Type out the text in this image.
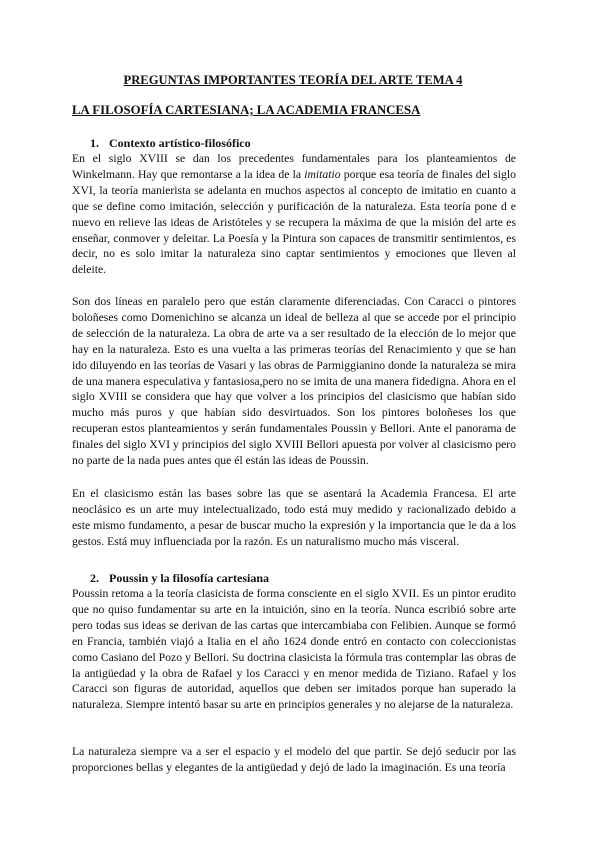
PREGUNTAS IMPORTANTES TEORÍA DEL ARTE TEMA 4
LA FILOSOFÍA CARTESIANA; LA ACADEMIA FRANCESA
1. Contexto artístico-filosófico

En el siglo XVIII se dan los precedentes fundamentales para los planteamientos de Winkelmann. Hay que remontarse a la idea de la imitatio porque esa teoría de finales del siglo XVI, la teoría manierista se adelanta en muchos aspectos al concepto de imitatio en cuanto a que se define como imitación, selección y purificación de la naturaleza. Esta teoría pone d e nuevo en relieve las ideas de Aristóteles y se recupera la máxima de que la misión del arte es enseñar, conmover y deleitar. La Poesía y la Pintura son capaces de transmitir sentimientos, es decir, no es solo imitar la naturaleza sino captar sentimientos y emociones que lleven al deleite.

Son dos líneas en paralelo pero que están claramente diferenciadas. Con Caracci o pintores boloñeses como Domenichino se alcanza un ideal de belleza al que se accede por el principio de selección de la naturaleza. La obra de arte va a ser resultado de la elección de lo mejor que hay en la naturaleza. Esto es una vuelta a las primeras teorías del Renacimiento y que se han ido diluyendo en las teorías de Vasari y las obras de Parmiggianino donde la naturaleza se mira de una manera especulativa y fantasiosa,pero no se imita de una manera fidedigna. Ahora en el siglo XVIII se considera que hay que volver a los principios del clasicismo que habían sido mucho más puros y que habían sido desvirtuados. Son los pintores boloñeses los que recuperan estos planteamientos y serán fundamentales Poussin y Bellori. Ante el panorama de finales del siglo XVI y principios del siglo XVIII Bellori apuesta por volver al clasicismo pero no parte de la nada pues antes que él están las ideas de Poussin.

En el clasicismo están las bases sobre las que se asentará la Academia Francesa. El arte neoclásico es un arte muy intelectualizado, todo está muy medido y racionalizado debido a este mismo fundamento, a pesar de buscar mucho la expresión y la importancia que le da a los gestos. Está muy influenciada por la razón. Es un naturalismo mucho más visceral.

2. Poussin y la filosofía cartesiana

Poussin retoma a la teoría clasicista de forma consciente en el siglo XVII. Es un pintor erudito que no quiso fundamentar su arte en la intuición, sino en la teoría. Nunca escribió sobre arte pero todas sus ideas se derivan de las cartas que intercambiaba con Felibien. Aunque se formó en Francia, también viajó a Italia en el año 1624 donde entró en contacto con coleccionistas como Casiano del Pozo y Bellori. Su doctrina clasicista la fórmula tras contemplar las obras de la antigüedad y la obra de Rafael y los Caracci y en menor medida de Tiziano. Rafael y los Caracci son figuras de autoridad, aquellos que deben ser imitados porque han superado la naturaleza. Siempre intentó basar su arte en principios generales y no alejarse de la naturaleza.

La naturaleza siempre va a ser el espacio y el modelo del que partir. Se dejó seducir por las proporciones bellas y elegantes de la antigüedad y dejó de lado la imaginación. Es una teoría
